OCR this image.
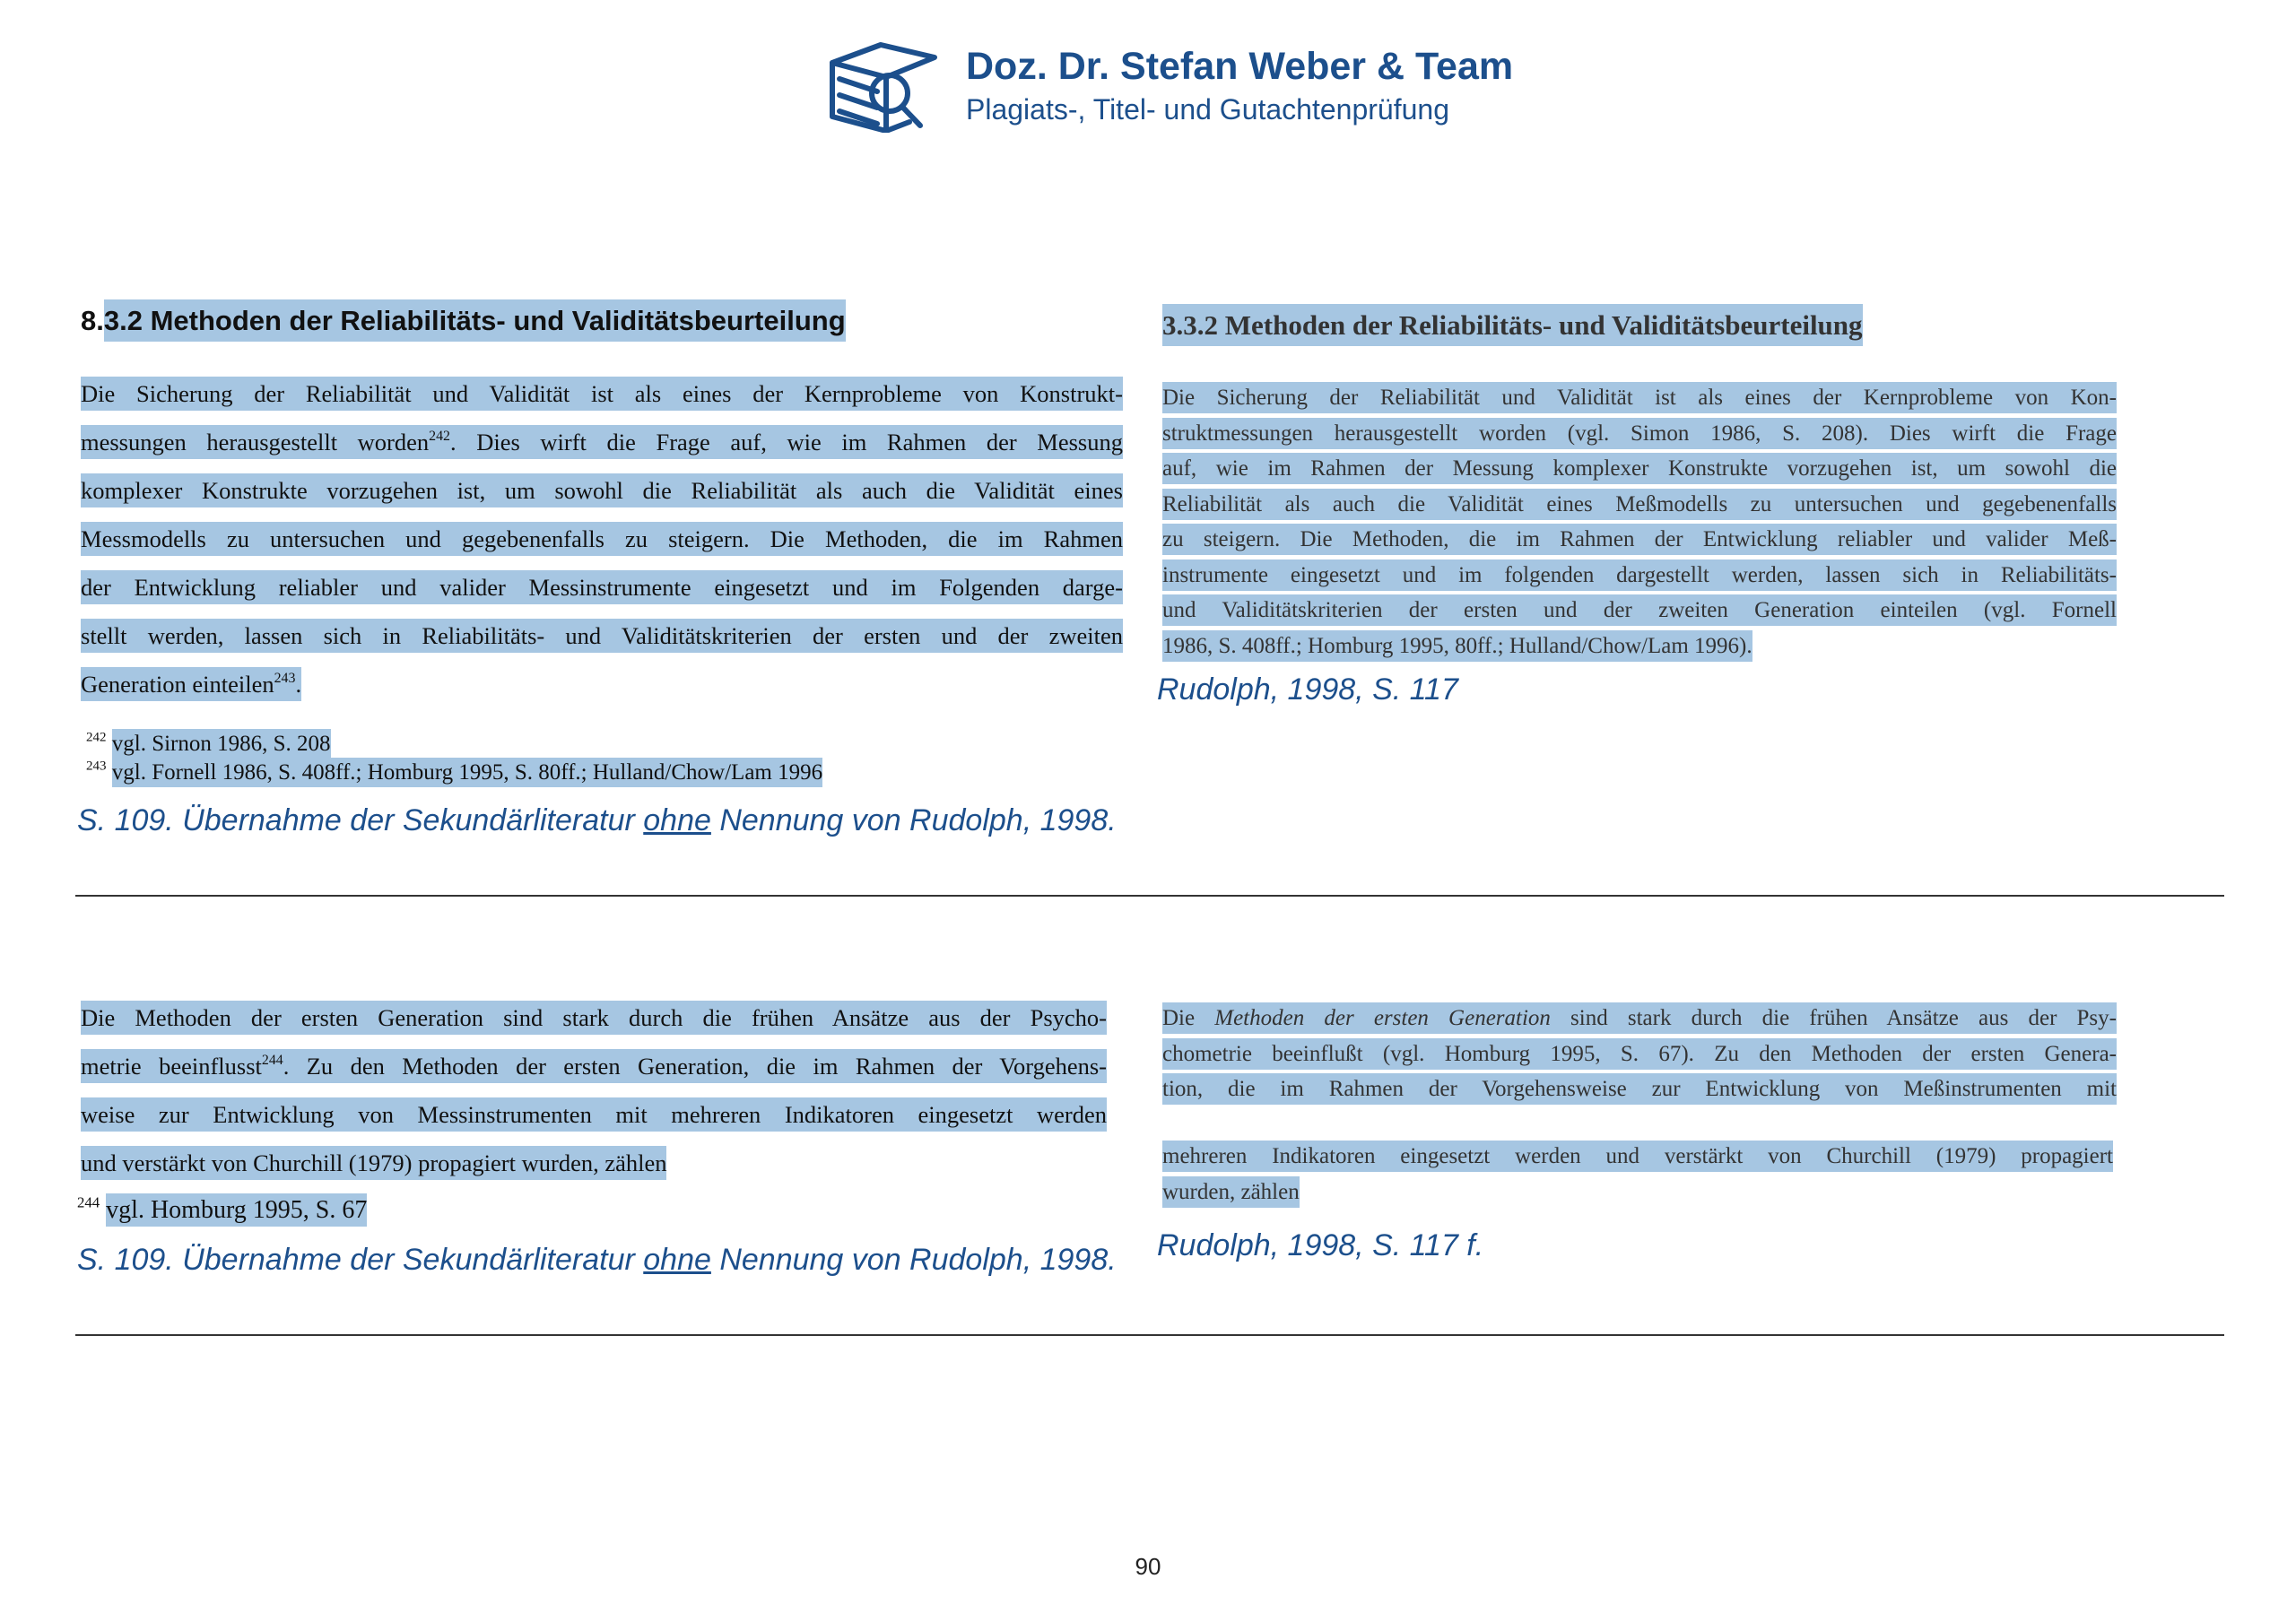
Doz. Dr. Stefan Weber & Team
Plagiats-, Titel- und Gutachtenprüfung
8.3.2 Methoden der Reliabilitäts- und Validitätsbeurteilung
Die Sicherung der Reliabilität und Validität ist als eines der Kernprobleme von Konstrukt-
messungen herausgestellt worden$^{242}$. Dies wirft die Frage auf, wie im Rahmen der Messung
komplexer Konstrukte vorzugehen ist, um sowohl die Reliabilität als auch die Validität eines
Messmodells zu untersuchen und gegebenenfalls zu steigern. Die Methoden, die im Rahmen
der Entwicklung reliabler und valider Messinstrumente eingesetzt und im Folgenden darge-
stellt werden, lassen sich in Reliabilitäts- und Validitätskriterien der ersten und der zweiten
Generation einteilen$^{243}$.
$^{242}$ vgl. Sirnon 1986, S. 208
$^{243}$ vgl. Fornell 1986, S. 408ff.; Homburg 1995, S. 80ff.; Hulland/Chow/Lam 1996
S. 109. Übernahme der Sekundärliteratur ohne Nennung von Rudolph, 1998.
3.3.2 Methoden der Reliabilitäts- und Validitätsbeurteilung
Die Sicherung der Reliabilität und Validität ist als eines der Kernprobleme von Kon-
struktmessungen herausgestellt worden (vgl. Simon 1986, S. 208). Dies wirft die Frage
auf, wie im Rahmen der Messung komplexer Konstrukte vorzugehen ist, um sowohl die
Reliabilität als auch die Validität eines Meßmodells zu untersuchen und gegebenenfalls
zu steigern. Die Methoden, die im Rahmen der Entwicklung reliabler und valider Meß-
instrumente eingesetzt und im folgenden dargestellt werden, lassen sich in Reliabilitäts-
und Validitätskriterien der ersten und der zweiten Generation einteilen (vgl. Fornell
1986, S. 408ff.; Homburg 1995, 80ff.; Hulland/Chow/Lam 1996).
Rudolph, 1998, S. 117
Die Methoden der ersten Generation sind stark durch die frühen Ansätze aus der Psycho-
metrie beeinflusst$^{244}$. Zu den Methoden der ersten Generation, die im Rahmen der Vorgehens-
weise zur Entwicklung von Messinstrumenten mit mehreren Indikatoren eingesetzt werden
und verstärkt von Churchill (1979) propagiert wurden, zählen
$^{244}$ vgl. Homburg 1995, S. 67
S. 109. Übernahme der Sekundärliteratur ohne Nennung von Rudolph, 1998.
Die Methoden der ersten Generation sind stark durch die frühen Ansätze aus der Psy-
chometrie beeinflußt (vgl. Homburg 1995, S. 67). Zu den Methoden der ersten Genera-
tion, die im Rahmen der Vorgehensweise zur Entwicklung von Meßinstrumenten mit
mehreren Indikatoren eingesetzt werden und verstärkt von Churchill (1979) propagiert
wurden, zählen
Rudolph, 1998, S. 117 f.
90
